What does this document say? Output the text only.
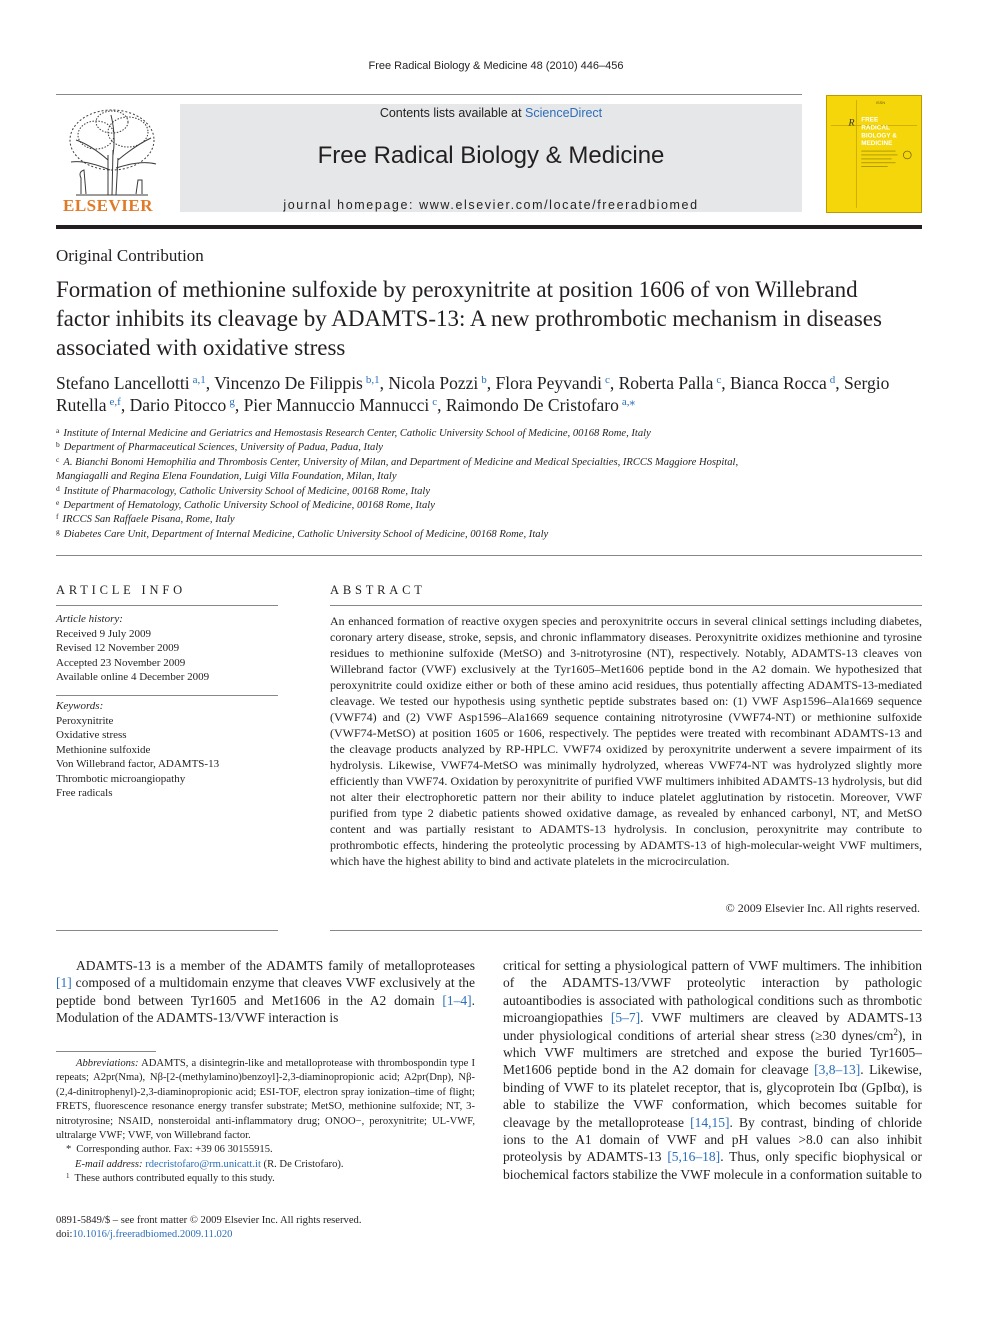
Free Radical Biology & Medicine 48 (2010) 446–456
ELSEVIER
Contents lists available at ScienceDirect
Free Radical Biology & Medicine
journal homepage: www.elsevier.com/locate/freeradbiomed
ISSN
R FREE
RADICAL
BIOLOGY &
MEDICINE
Original Contribution
Formation of methionine sulfoxide by peroxynitrite at position 1606 of von Willebrand factor inhibits its cleavage by ADAMTS-13: A new prothrombotic mechanism in diseases associated with oxidative stress
Stefano Lancellotti $^{a,1}$, Vincenzo De Filippis $^{b,1}$, Nicola Pozzi $^b$, Flora Peyvandi $^c$, Roberta Palla $^c$, Bianca Rocca $^d$, Sergio Rutella $^{e,f}$, Dario Pitocco $^g$, Pier Mannuccio Mannucci $^c$, Raimondo De Cristofaro $^{a,⁎}$
$^a$ Institute of Internal Medicine and Geriatrics and Hemostasis Research Center, Catholic University School of Medicine, 00168 Rome, Italy
$^b$ Department of Pharmaceutical Sciences, University of Padua, Padua, Italy
$^c$ A. Bianchi Bonomi Hemophilia and Thrombosis Center, University of Milan, and Department of Medicine and Medical Specialties, IRCCS Maggiore Hospital,
Mangiagalli and Regina Elena Foundation, Luigi Villa Foundation, Milan, Italy
$^d$ Institute of Pharmacology, Catholic University School of Medicine, 00168 Rome, Italy
$^e$ Department of Hematology, Catholic University School of Medicine, 00168 Rome, Italy
$^f$ IRCCS San Raffaele Pisana, Rome, Italy
$^g$ Diabetes Care Unit, Department of Internal Medicine, Catholic University School of Medicine, 00168 Rome, Italy
ARTICLE INFO
Article history:
Received 9 July 2009
Revised 12 November 2009
Accepted 23 November 2009
Available online 4 December 2009
Keywords:
Peroxynitrite
Oxidative stress
Methionine sulfoxide
Von Willebrand factor, ADAMTS-13
Thrombotic microangiopathy
Free radicals
ABSTRACT

An enhanced formation of reactive oxygen species and peroxynitrite occurs in several clinical settings including diabetes, coronary artery disease, stroke, sepsis, and chronic inflammatory diseases. Peroxynitrite oxidizes methionine and tyrosine residues to methionine sulfoxide (MetSO) and 3-nitrotyrosine (NT), respectively. Notably, ADAMTS-13 cleaves von Willebrand factor (VWF) exclusively at the Tyr1605–Met1606 peptide bond in the A2 domain. We hypothesized that peroxynitrite could oxidize either or both of these amino acid residues, thus potentially affecting ADAMTS-13-mediated cleavage. We tested our hypothesis using synthetic peptide substrates based on: (1) VWF Asp1596–Ala1669 sequence (VWF74) and (2) VWF Asp1596–Ala1669 sequence containing nitrotyrosine (VWF74-NT) or methionine sulfoxide (VWF74-MetSO) at position 1605 or 1606, respectively. The peptides were treated with recombinant ADAMTS-13 and the cleavage products analyzed by RP-HPLC. VWF74 oxidized by peroxynitrite underwent a severe impairment of its hydrolysis. Likewise, VWF74-MetSO was minimally hydrolyzed, whereas VWF74-NT was hydrolyzed slightly more efficiently than VWF74. Oxidation by peroxynitrite of purified VWF multimers inhibited ADAMTS-13 hydrolysis, but did not alter their electrophoretic pattern nor their ability to induce platelet agglutination by ristocetin. Moreover, VWF purified from type 2 diabetic patients showed oxidative damage, as revealed by enhanced carbonyl, NT, and MetSO content and was partially resistant to ADAMTS-13 hydrolysis. In conclusion, peroxynitrite may contribute to prothrombotic effects, hindering the proteolytic processing by ADAMTS-13 of high-molecular-weight VWF multimers, which have the highest ability to bind and activate platelets in the microcirculation.

© 2009 Elsevier Inc. All rights reserved.

ADAMTS-13 is a member of the ADAMTS family of metalloproteases [1] composed of a multidomain enzyme that cleaves VWF exclusively at the peptide bond between Tyr1605 and Met1606 in the A2 domain [1–4]. Modulation of the ADAMTS-13/VWF interaction is

critical for setting a physiological pattern of VWF multimers. The inhibition of the ADAMTS-13/VWF proteolytic interaction by pathologic autoantibodies is associated with pathological conditions such as thrombotic microangiopathies [5–7]. VWF multimers are cleaved by ADAMTS-13 under physiological conditions of arterial shear stress (≥30 dynes/$cm^2$), in which VWF multimers are stretched and expose the buried Tyr1605–Met1606 peptide bond in the A2 domain for cleavage [3,8–13]. Likewise, binding of VWF to its platelet receptor, that is, glycoprotein Ibα (GpIbα), is able to stabilize the VWF conformation, which becomes suitable for cleavage by the metalloprotease [14,15]. By contrast, binding of chloride ions to the A1 domain of VWF and pH values >8.0 can also inhibit proteolysis by ADAMTS-13 [5,16–18]. Thus, only specific biophysical or biochemical factors stabilize the VWF molecule in a conformation suitable to

Abbreviations: ADAMTS, a disintegrin-like and metalloprotease with thrombospondin type I repeats; A2pr(Nma), Nβ-[2-(methylamino)benzoyl]-2,3-diaminopropionic acid; A2pr(Dnp), Nβ-(2,4-dinitrophenyl)-2,3-diaminopropionic acid; ESI-TOF, electron spray ionization–time of flight; FRETS, fluorescence resonance energy transfer substrate; MetSO, methionine sulfoxide; NT, 3-nitrotyrosine; NSAID, nonsteroidal anti-inflammatory drug; ONOO−, peroxynitrite; UL-VWF, ultralarge VWF; VWF, von Willebrand factor.
* Corresponding author. Fax: +39 06 30155915.
E-mail address: rdecristofaro@rm.unicatt.it (R. De Cristofaro).
$^1$ These authors contributed equally to this study.
0891-5849/$ – see front matter © 2009 Elsevier Inc. All rights reserved.
doi:10.1016/j.freeradbiomed.2009.11.020
